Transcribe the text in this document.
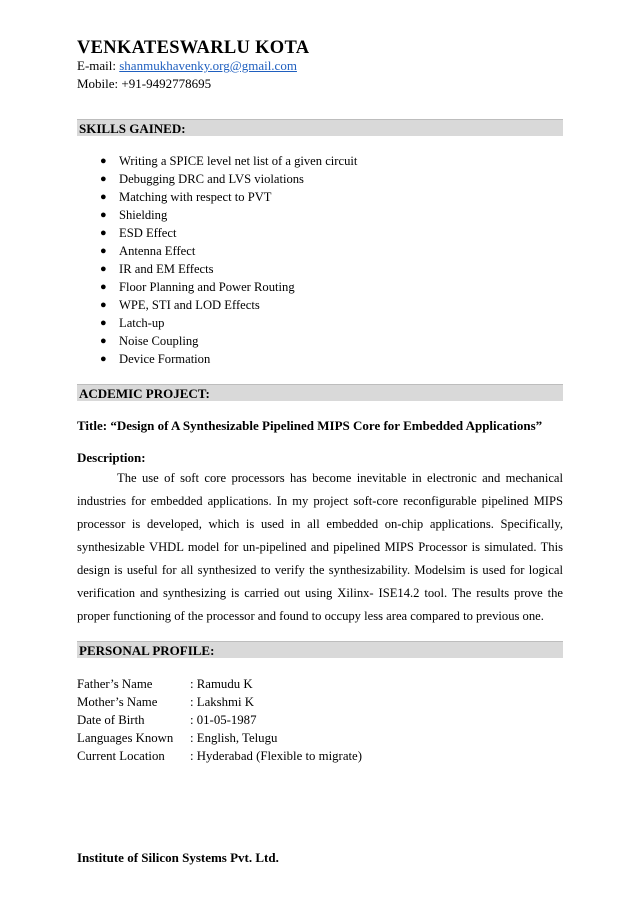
VENKATESWARLU KOTA
E-mail: shanmukhavenky.org@gmail.com
Mobile: +91-9492778695
SKILLS GAINED:
● Writing a SPICE level net list of a given circuit
● Debugging DRC and LVS violations
● Matching with respect to PVT
● Shielding
● ESD Effect
● Antenna Effect
● IR and EM Effects
● Floor Planning and Power Routing
● WPE, STI and LOD Effects
● Latch-up
● Noise Coupling
● Device Formation
ACDEMIC PROJECT:
Title: “Design of A Synthesizable Pipelined MIPS Core for Embedded Applications”
Description:
The use of soft core processors has become inevitable in electronic and mechanical industries for embedded applications. In my project soft-core reconfigurable pipelined MIPS processor is developed, which is used in all embedded on-chip applications. Specifically, synthesizable VHDL model for un-pipelined and pipelined MIPS Processor is simulated. This design is useful for all synthesized to verify the synthesizability. Modelsim is used for logical verification and synthesizing is carried out using Xilinx- ISE14.2 tool. The results prove the proper functioning of the processor and found to occupy less area compared to previous one.
PERSONAL PROFILE:
Father’s Name	: Ramudu K
Mother’s Name	: Lakshmi K
Date of Birth	: 01-05-1987
Languages Known	: English, Telugu
Current Location	: Hyderabad (Flexible to migrate)
Institute of Silicon Systems Pvt. Ltd.
